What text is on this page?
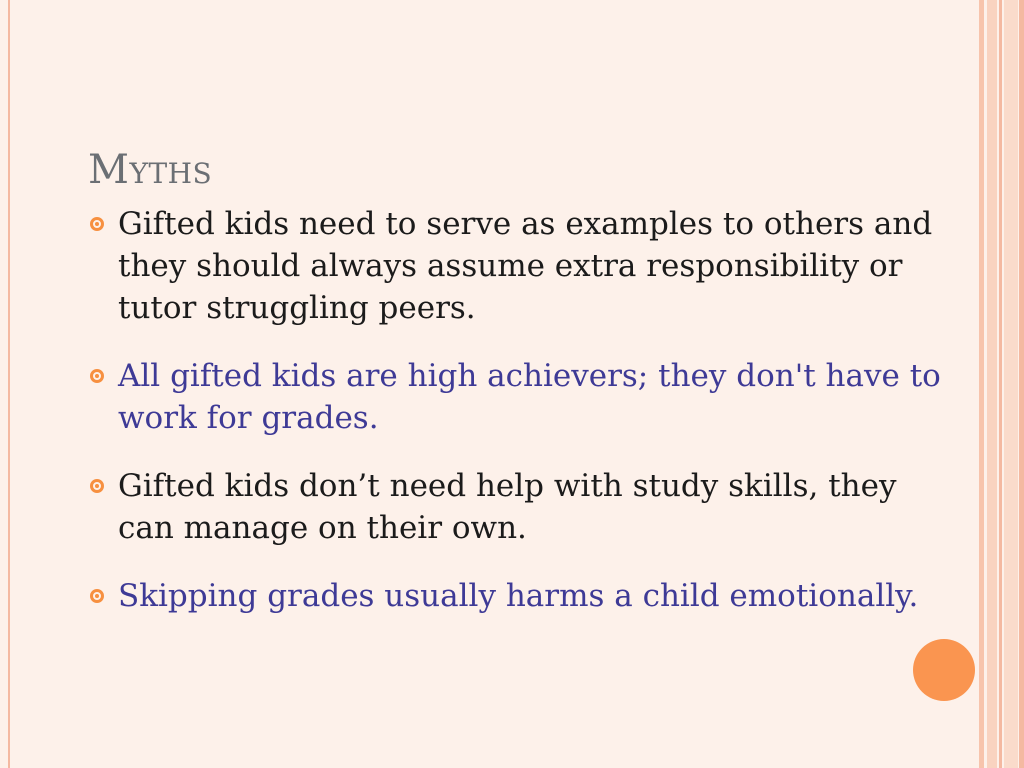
Myths
Gifted kids need to serve as examples to others and they should always assume extra responsibility or tutor struggling peers.
All gifted kids are high achievers; they don't have to work for grades.
Gifted kids don’t need help with study skills, they can manage on their own.
Skipping grades usually harms a child emotionally.
